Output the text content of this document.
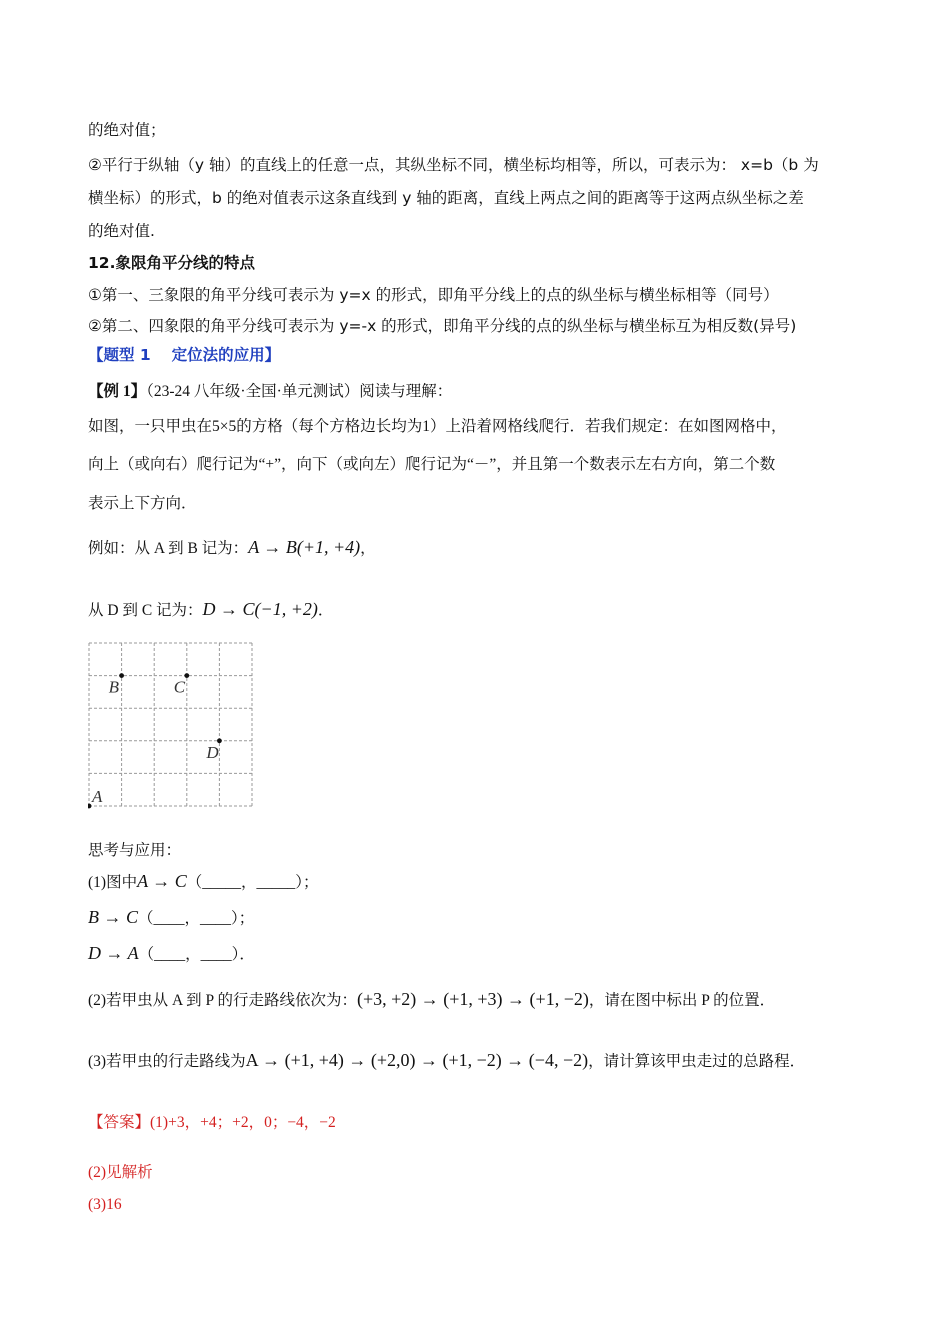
的绝对值；
②平行于纵轴（y 轴）的直线上的任意一点，其纵坐标不同，横坐标均相等，所以，可表示为： x=b（b 为
横坐标）的形式，b 的绝对值表示这条直线到 y 轴的距离，直线上两点之间的距离等于这两点纵坐标之差
的绝对值.
12.象限角平分线的特点
①第一、三象限的角平分线可表示为 y=x 的形式，即角平分线上的点的纵坐标与横坐标相等（同号）
②第二、四象限的角平分线可表示为 y=-x 的形式，即角平分线的点的纵坐标与横坐标互为相反数(异号)
【题型 1　 定位法的应用】
【例 1】（23-24 八年级·全国·单元测试）阅读与理解：
如图，一只甲虫在5×5的方格（每个方格边长均为1）上沿着网格线爬行．若我们规定：在如图网格中，
向上（或向右）爬行记为“+”，向下（或向左）爬行记为“－”，并且第一个数表示左右方向，第二个数
表示上下方向．
例如：从 A 到 B 记为：A → B(+1, +4)，
从 D 到 C 记为：D → C(−1, +2)．
A
B	C
D
思考与应用：
(1)图中A → C（_____，_____）；
B → C（____，____）；
D → A（____，____）．
(2)若甲虫从 A 到 P 的行走路线依次为：(+3, +2) → (+1, +3) → (+1, −2)，请在图中标出 P 的位置．
(3)若甲虫的行走路线为A → (+1, +4) → (+2,0) → (+1, −2) → (−4, −2)，请计算该甲虫走过的总路程．
【答案】(1)+3，+4；+2，0；−4，−2
(2)见解析
(3)16
